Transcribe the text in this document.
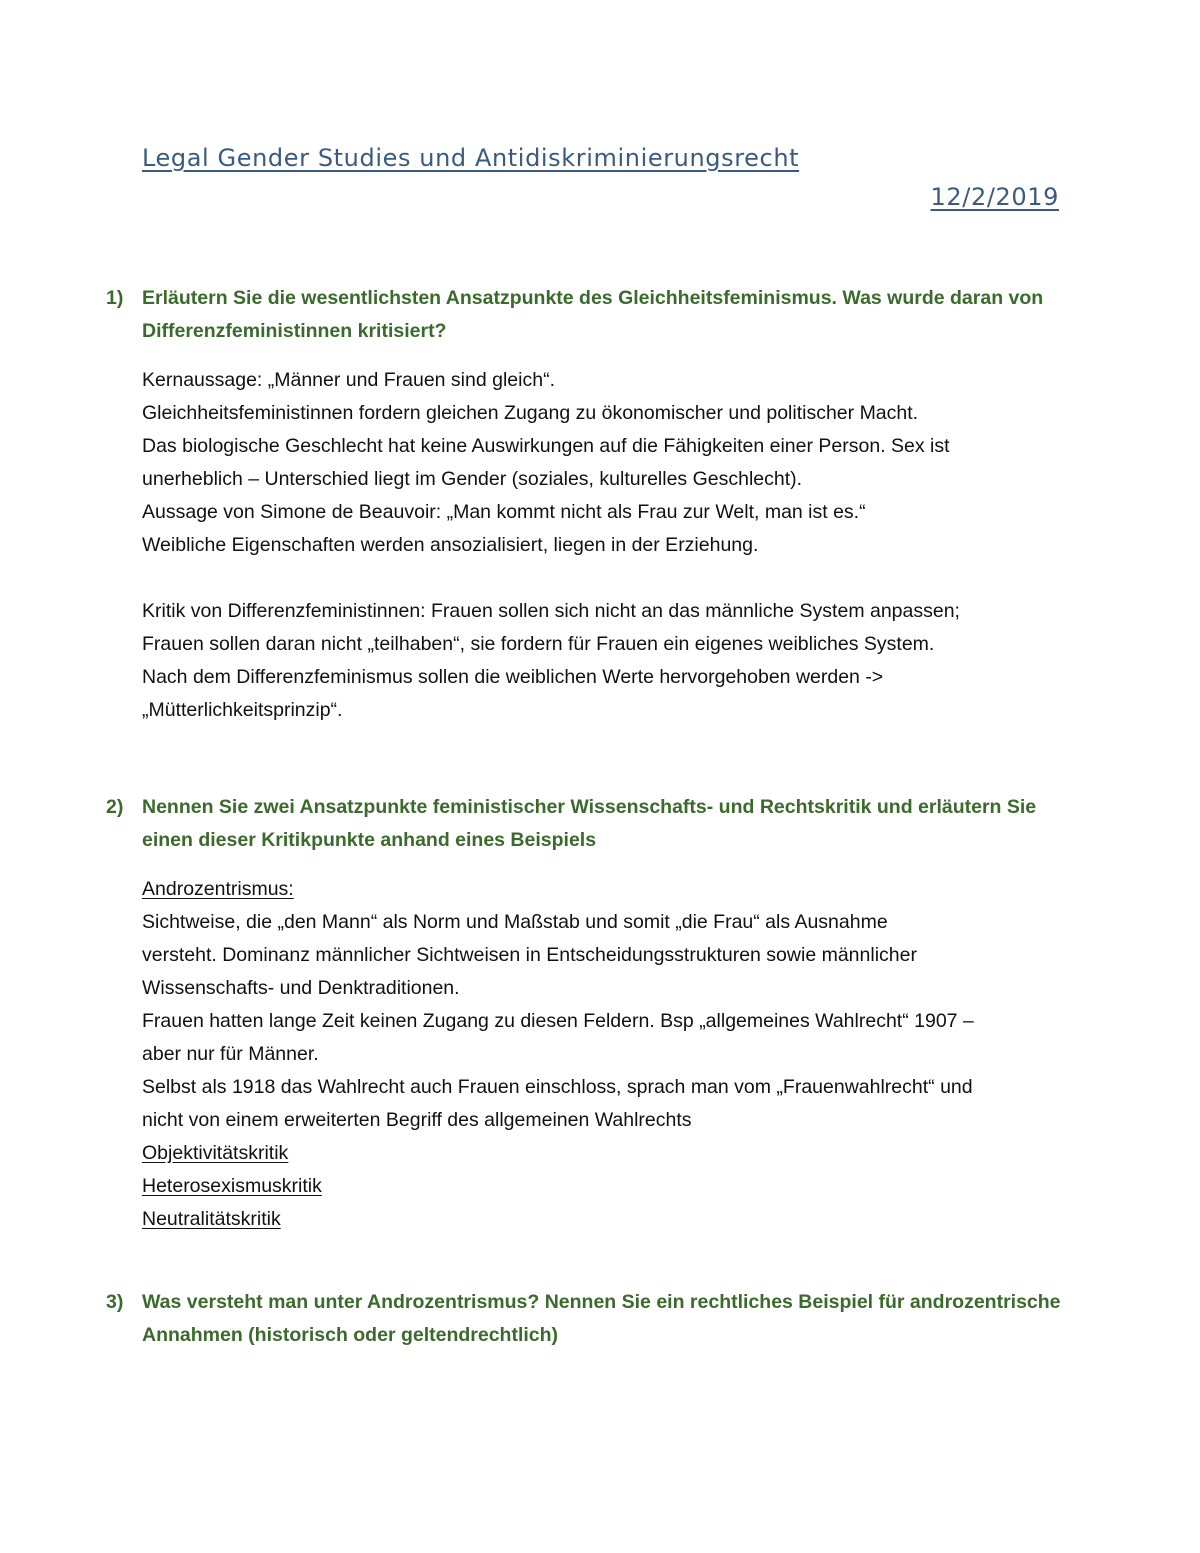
Legal Gender Studies und Antidiskriminierungsrecht
12/2/2019
1) Erläutern Sie die wesentlichsten Ansatzpunkte des Gleichheitsfeminismus. Was wurde daran von Differenzfeministinnen kritisiert?
Kernaussage: „Männer und Frauen sind gleich“.
Gleichheitsfeministinnen fordern gleichen Zugang zu ökonomischer und politischer Macht.
Das biologische Geschlecht hat keine Auswirkungen auf die Fähigkeiten einer Person. Sex ist
unerheblich – Unterschied liegt im Gender (soziales, kulturelles Geschlecht).
Aussage von Simone de Beauvoir: „Man kommt nicht als Frau zur Welt, man ist es.“
Weibliche Eigenschaften werden ansozialisiert, liegen in der Erziehung.
Kritik von Differenzfeministinnen: Frauen sollen sich nicht an das männliche System anpassen;
Frauen sollen daran nicht „teilhaben“, sie fordern für Frauen ein eigenes weibliches System.
Nach dem Differenzfeminismus sollen die weiblichen Werte hervorgehoben werden ->
„Mütterlichkeitsprinzip“.
2) Nennen Sie zwei Ansatzpunkte feministischer Wissenschafts- und Rechtskritik und erläutern Sie einen dieser Kritikpunkte anhand eines Beispiels
Androzentrismus:
Sichtweise, die „den Mann“ als Norm und Maßstab und somit „die Frau“ als Ausnahme
versteht. Dominanz männlicher Sichtweisen in Entscheidungsstrukturen sowie männlicher
Wissenschafts- und Denktraditionen.
Frauen hatten lange Zeit keinen Zugang zu diesen Feldern. Bsp „allgemeines Wahlrecht“ 1907 –
aber nur für Männer.
Selbst als 1918 das Wahlrecht auch Frauen einschloss, sprach man vom „Frauenwahlrecht“ und
nicht von einem erweiterten Begriff des allgemeinen Wahlrechts
Objektivitätskritik
Heterosexismuskritik
Neutralitätskritik
3) Was versteht man unter Androzentrismus? Nennen Sie ein rechtliches Beispiel für androzentrische Annahmen (historisch oder geltendrechtlich)
